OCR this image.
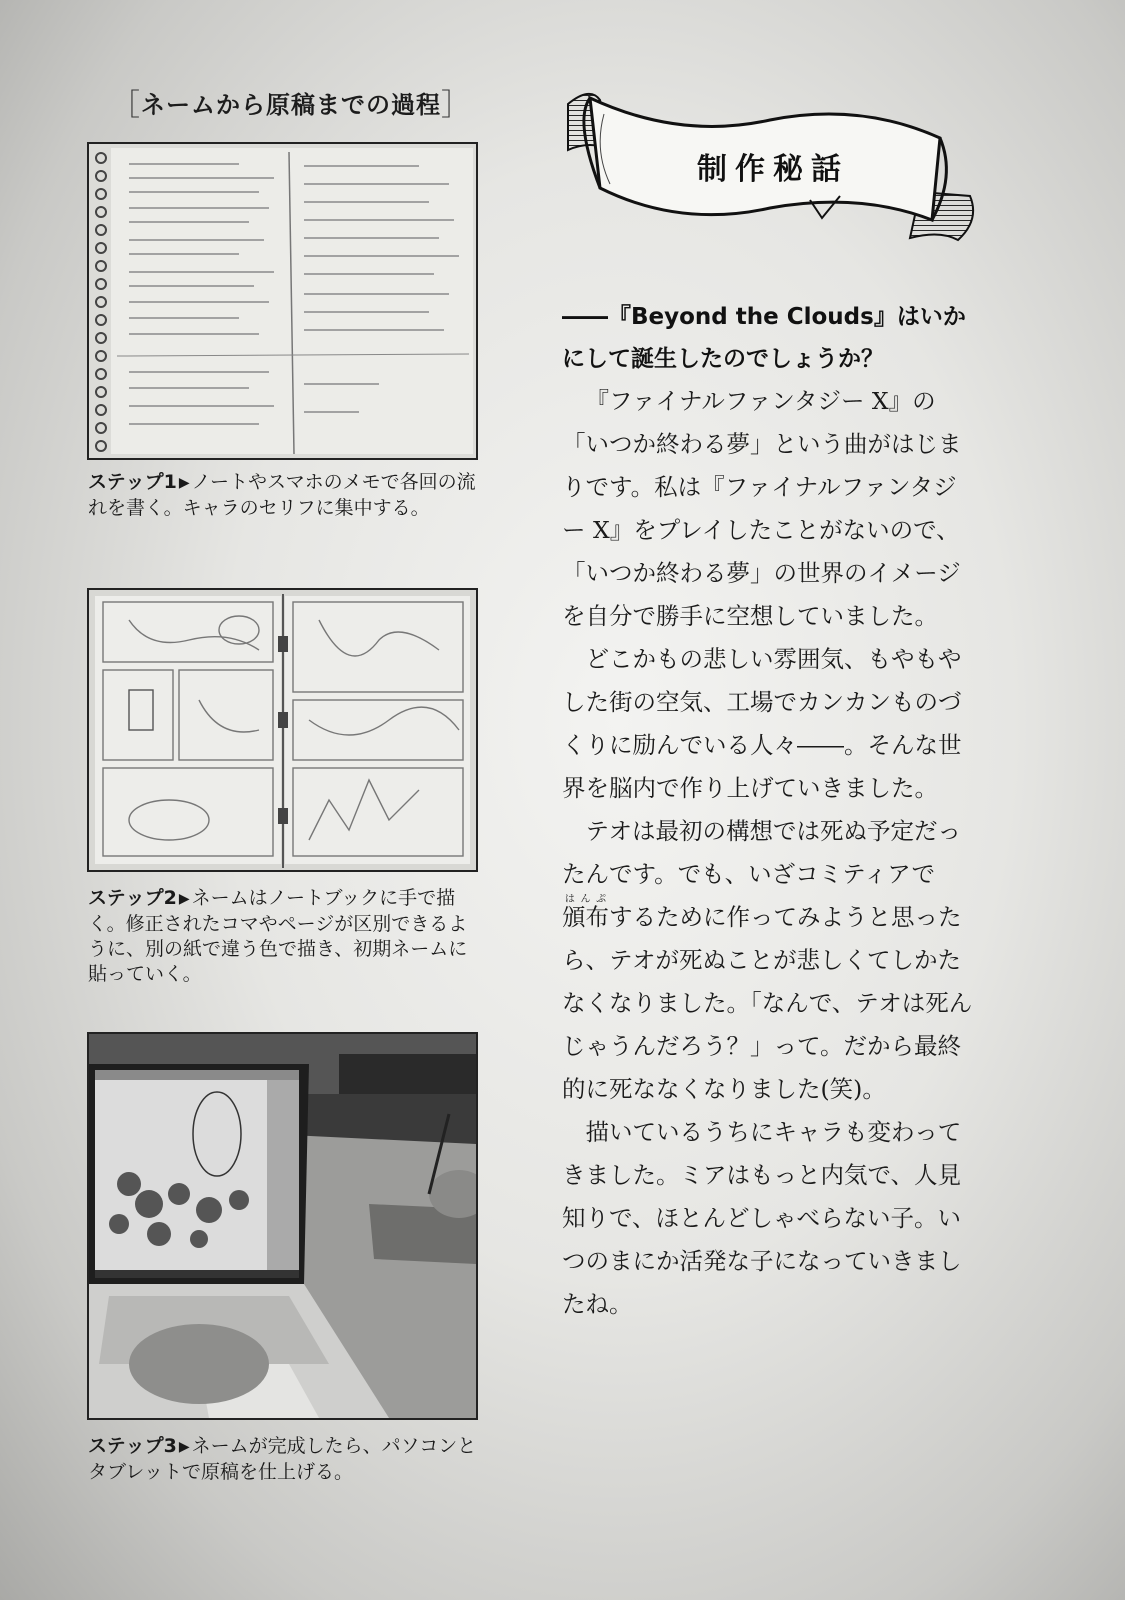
［ ネームから原稿までの過程 ］
ステップ1 ▶ ノートやスマホのメモで各回の流れを書く。キャラのセリフに集中する。
ステップ2 ▶ ネームはノートブックに手で描く。修正されたコマやページが区別できるように、別の紙で違う色で描き、初期ネームに貼っていく。
ステップ3 ▶ ネームが完成したら、パソコンとタブレットで原稿を仕上げる。
制作秘話
――『Beyond the Clouds』はいかにして誕生したのでしょうか？

『ファイナルファンタジー X』の「いつか終わる夢」という曲がはじまりです。私は『ファイナルファンタジー X』をプレイしたことがないので、「いつか終わる夢」の世界のイメージを自分で勝手に空想していました。

どこかもの悲しい雰囲気、もやもやした街の空気、工場でカンカンものづくりに励んでいる人々――。そんな世界を脳内で作り上げていきました。

テオは最初の構想では死ぬ予定だったんです。でも、いざコミティアで頒布はんぷするために作ってみようと思ったら、テオが死ぬことが悲しくてしかたなくなりました。「なんで、テオは死んじゃうんだろう？」って。だから最終的に死ななくなりました(笑)。

描いているうちにキャラも変わってきました。ミアはもっと内気で、人見知りで、ほとんどしゃべらない子。いつのまにか活発な子になっていきましたね。
